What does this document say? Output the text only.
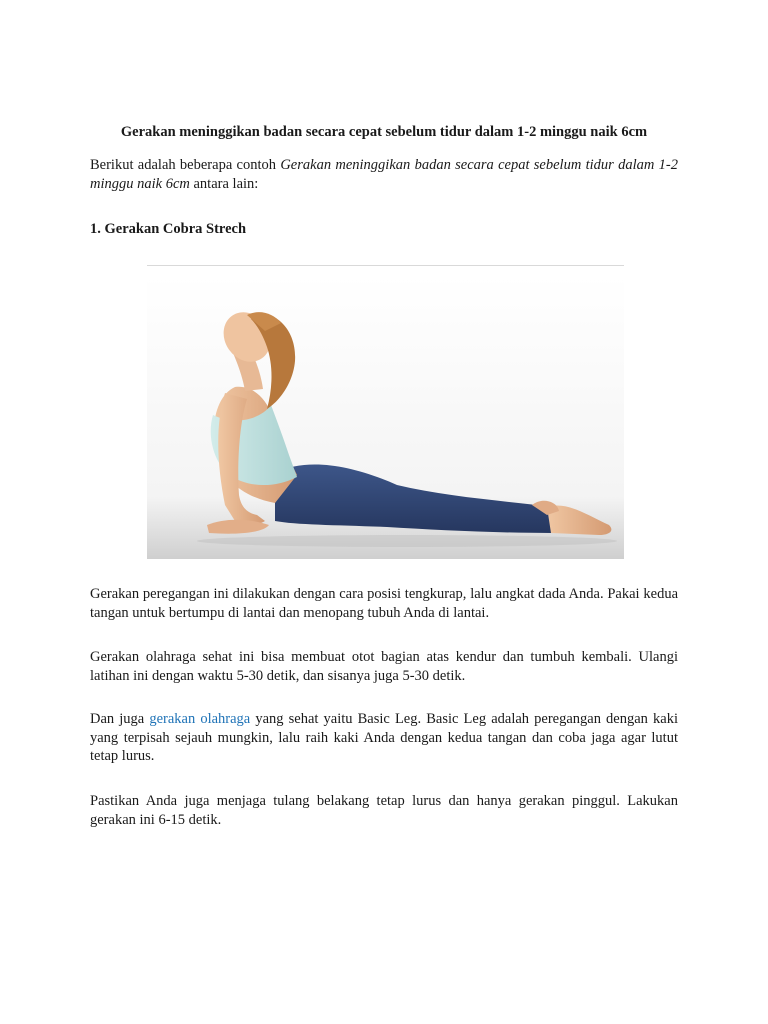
Gerakan meninggikan badan secara cepat sebelum tidur dalam 1-2 minggu naik 6cm
Berikut adalah beberapa contoh Gerakan meninggikan badan secara cepat sebelum tidur dalam 1-2 minggu naik 6cm antara lain:
1. Gerakan Cobra Strech
Gerakan peregangan ini dilakukan dengan cara posisi tengkurap, lalu angkat dada Anda. Pakai kedua tangan untuk bertumpu di lantai dan menopang tubuh Anda di lantai.
Gerakan olahraga sehat ini bisa membuat otot bagian atas kendur dan tumbuh kembali. Ulangi latihan ini dengan waktu 5-30 detik, dan sisanya juga 5-30 detik.
Dan juga gerakan olahraga yang sehat yaitu Basic Leg. Basic Leg adalah peregangan dengan kaki yang terpisah sejauh mungkin, lalu raih kaki Anda dengan kedua tangan dan coba jaga agar lutut tetap lurus.
Pastikan Anda juga menjaga tulang belakang tetap lurus dan hanya gerakan pinggul. Lakukan gerakan ini 6-15 detik.
